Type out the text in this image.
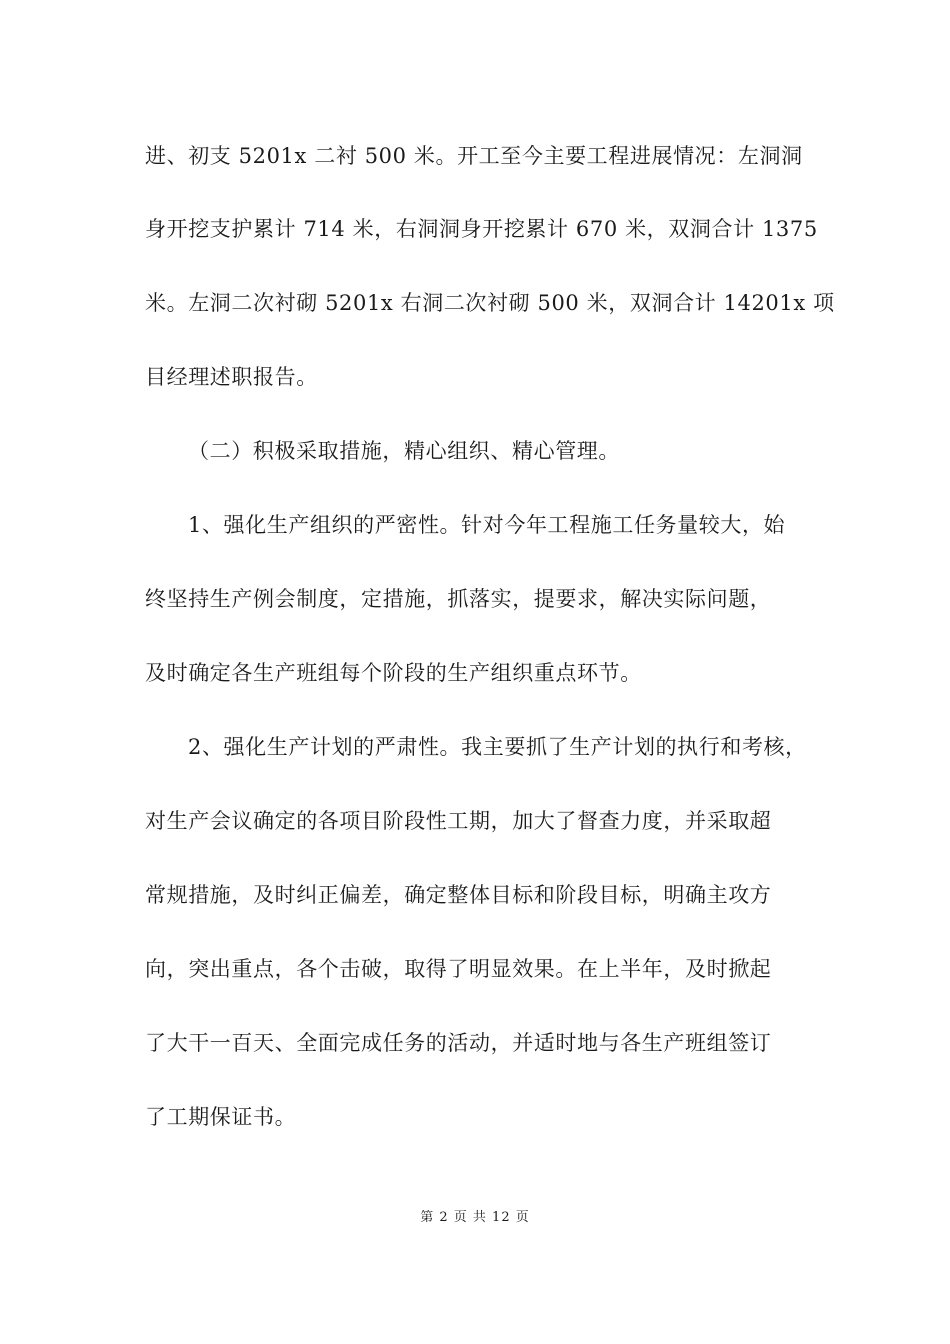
进、初支 5201x 二衬 500 米。开工至今主要工程进展情况：左洞洞
身开挖支护累计 714 米，右洞洞身开挖累计 670 米，双洞合计 1375
米。左洞二次衬砌 5201x 右洞二次衬砌 500 米，双洞合计 14201x 项
目经理述职报告。
（二）积极采取措施，精心组织、精心管理。
1、强化生产组织的严密性。针对今年工程施工任务量较大，始
终坚持生产例会制度，定措施，抓落实，提要求，解决实际问题，
及时确定各生产班组每个阶段的生产组织重点环节。
2、强化生产计划的严肃性。我主要抓了生产计划的执行和考核，
对生产会议确定的各项目阶段性工期，加大了督查力度，并采取超
常规措施，及时纠正偏差，确定整体目标和阶段目标，明确主攻方
向，突出重点，各个击破，取得了明显效果。在上半年，及时掀起
了大干一百天、全面完成任务的活动，并适时地与各生产班组签订
了工期保证书。
第 2 页 共 12 页
